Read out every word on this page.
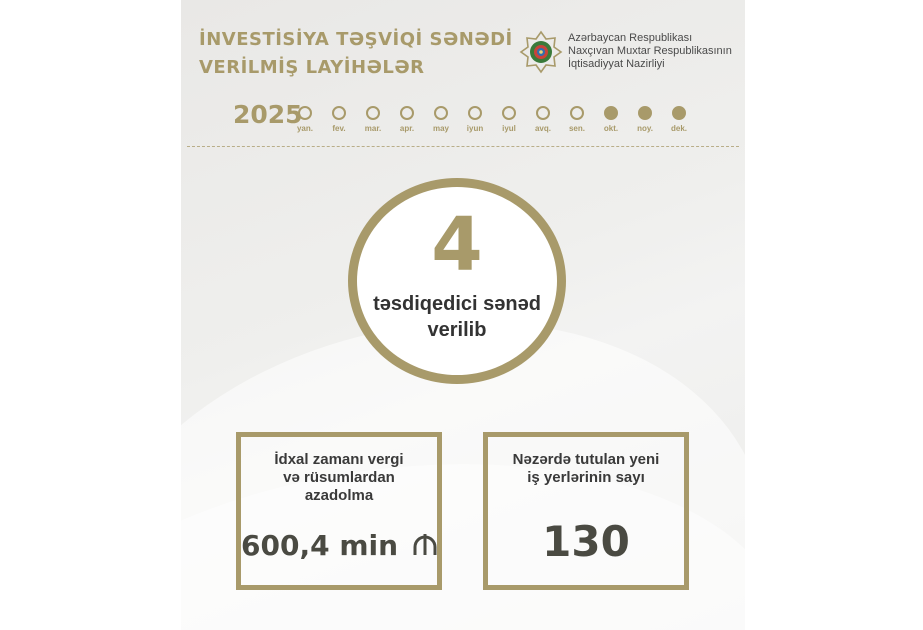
İNVESTİSİYA TƏŞVİQİ SƏNƏDİ
VERİLMİŞ LAYİHƏLƏR
Azərbaycan Respublikası
Naxçıvan Muxtar Respublikasının
İqtisadiyyat Nazirliyi
2025
yan.	fev.	mar.	apr.	may	iyun	iyul	avq.	sen.	okt.	noy.	dek.
4
təsdiqedici sənəd
verilib
İdxal zamanı vergi
və rüsumlardan
azadolma
600,4 min
Nəzərdə tutulan yeni
iş yerlərinin sayı
130
